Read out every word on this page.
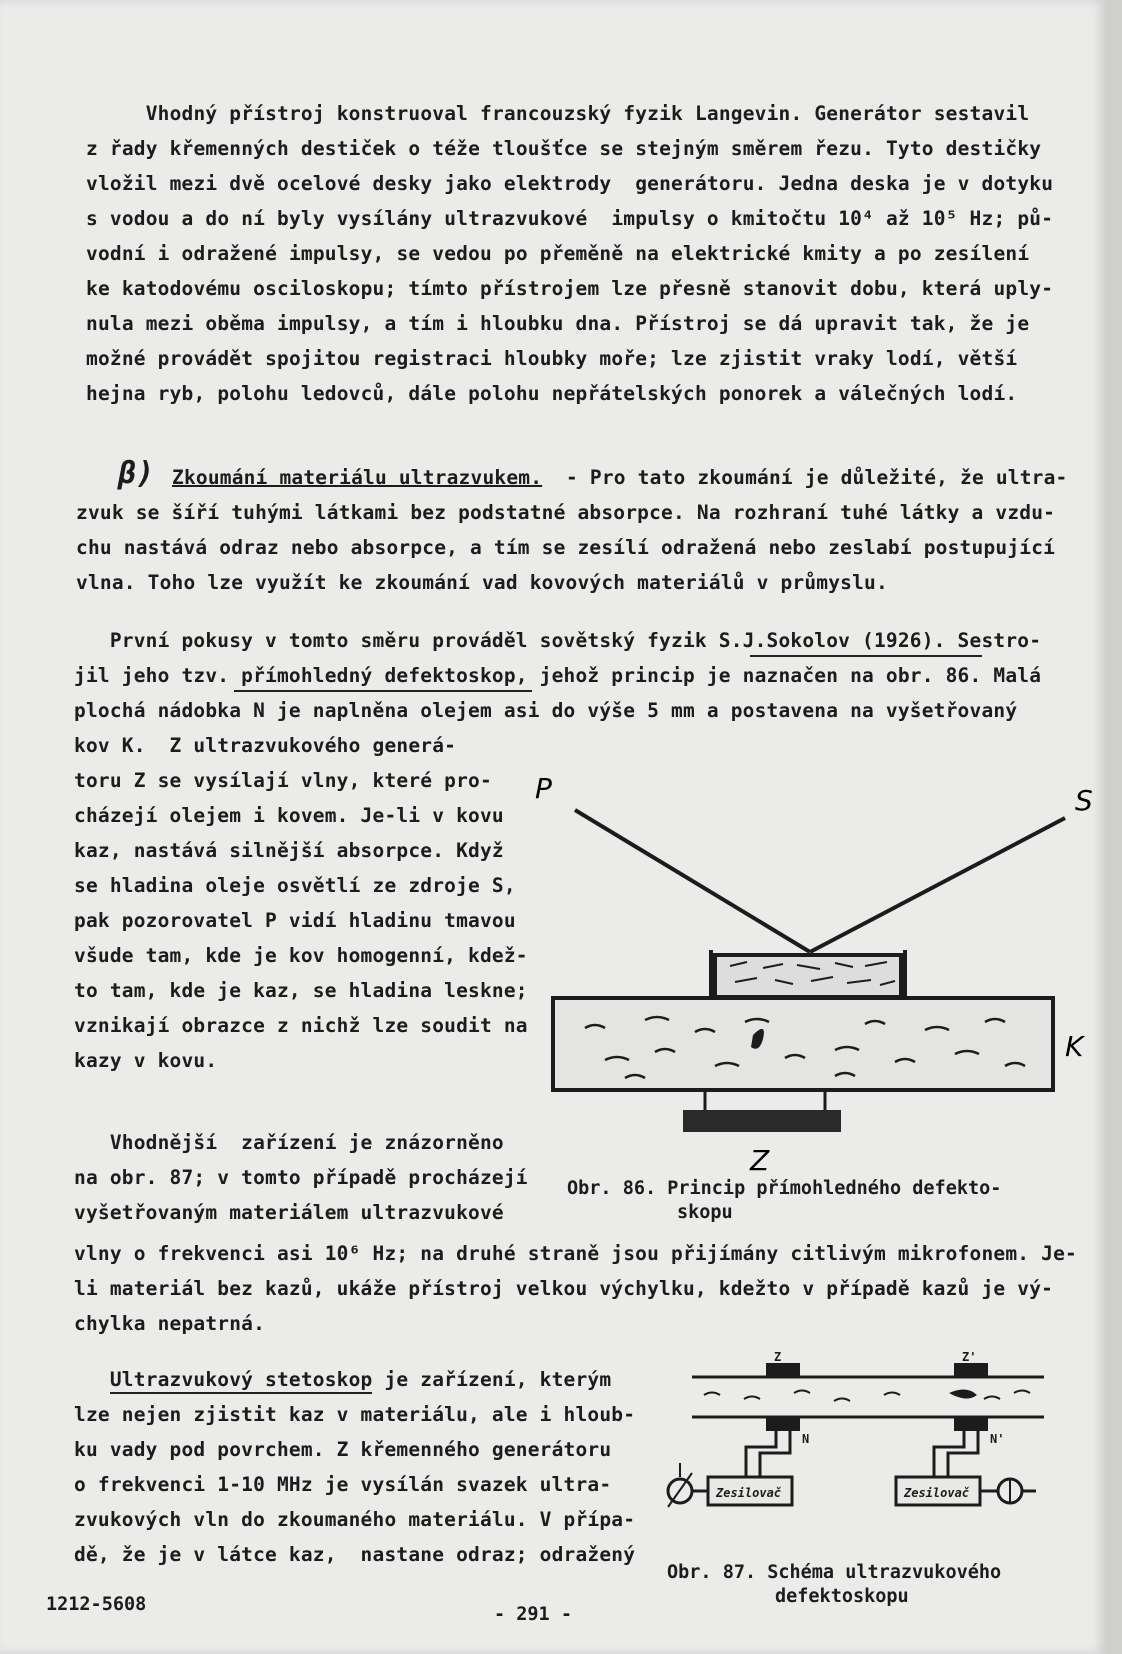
Vhodný přístroj konstruoval francouzský fyzik Langevin. Generátor sestavil
z řady křemenných destiček o téže tloušťce se stejným směrem řezu. Tyto destičky
vložil mezi dvě ocelové desky jako elektrody  generátoru. Jedna deska je v dotyku
s vodou a do ní byly vysílány ultrazvukové  impulsy o kmitočtu 10⁴ až 10⁵ Hz; pů-
vodní i odražené impulsy, se vedou po přeměně na elektrické kmity a po zesílení
ke katodovému osciloskopu; tímto přístrojem lze přesně stanovit dobu, která uply-
nula mezi oběma impulsy, a tím i hloubku dna. Přístroj se dá upravit tak, že je
možné provádět spojitou registraci hloubky moře; lze zjistit vraky lodí, větší
hejna ryb, polohu ledovců, dále polohu nepřátelských ponorek a válečných lodí.
β) Zkoumání materiálu ultrazvukem. - Pro tato zkoumání je důležité, že ultra-
zvuk se šíří tuhými látkami bez podstatné absorpce. Na rozhraní tuhé látky a vzdu-
chu nastává odraz nebo absorpce, a tím se zesílí odražená nebo zeslabí postupující
vlna. Toho lze využít ke zkoumání vad kovových materiálů v průmyslu.
První pokusy v tomto směru prováděl sovětský fyzik S.J.Sokolov (1926). Sestro-
jil jeho tzv. přímohledný defektoskop, jehož princip je naznačen na obr. 86. Malá
plochá nádobka N je naplněna olejem asi do výše 5 mm a postavena na vyšetřovaný
kov K.  Z ultrazvukového generá-
toru Z se vysílají vlny, které pro-
cházejí olejem i kovem. Je-li v kovu
kaz, nastává silnější absorpce. Když
se hladina oleje osvětlí ze zdroje S,
pak pozorovatel P vidí hladinu tmavou
všude tam, kde je kov homogenní, kdež-
to tam, kde je kaz, se hladina leskne;
vznikají obrazce z nichž lze soudit na
kazy v kovu.
P	S
K
Z
Obr. 86. Princip přímohledného defekto-
skopu
Vhodnější  zařízení je znázorněno
na obr. 87; v tomto případě procházejí
vyšetřovaným materiálem ultrazvukové
vlny o frekvenci asi 10⁶ Hz; na druhé straně jsou přijímány citlivým mikrofonem. Je-
li materiál bez kazů, ukáže přístroj velkou výchylku, kdežto v případě kazů je vý-
chylka nepatrná.
Ultrazvukový stetoskop je zařízení, kterým
lze nejen zjistit kaz v materiálu, ale i hloub-
ku vady pod povrchem. Z křemenného generátoru
o frekvenci 1-10 MHz je vysílán svazek ultra-
zvukových vln do zkoumaného materiálu. V přípa-
dě, že je v látce kaz,  nastane odraz; odražený
Z	Z'
N	N'
Zesilovač	Zesilovač
Obr. 87. Schéma ultrazvukového
defektoskopu
1212-5608	- 291 -
